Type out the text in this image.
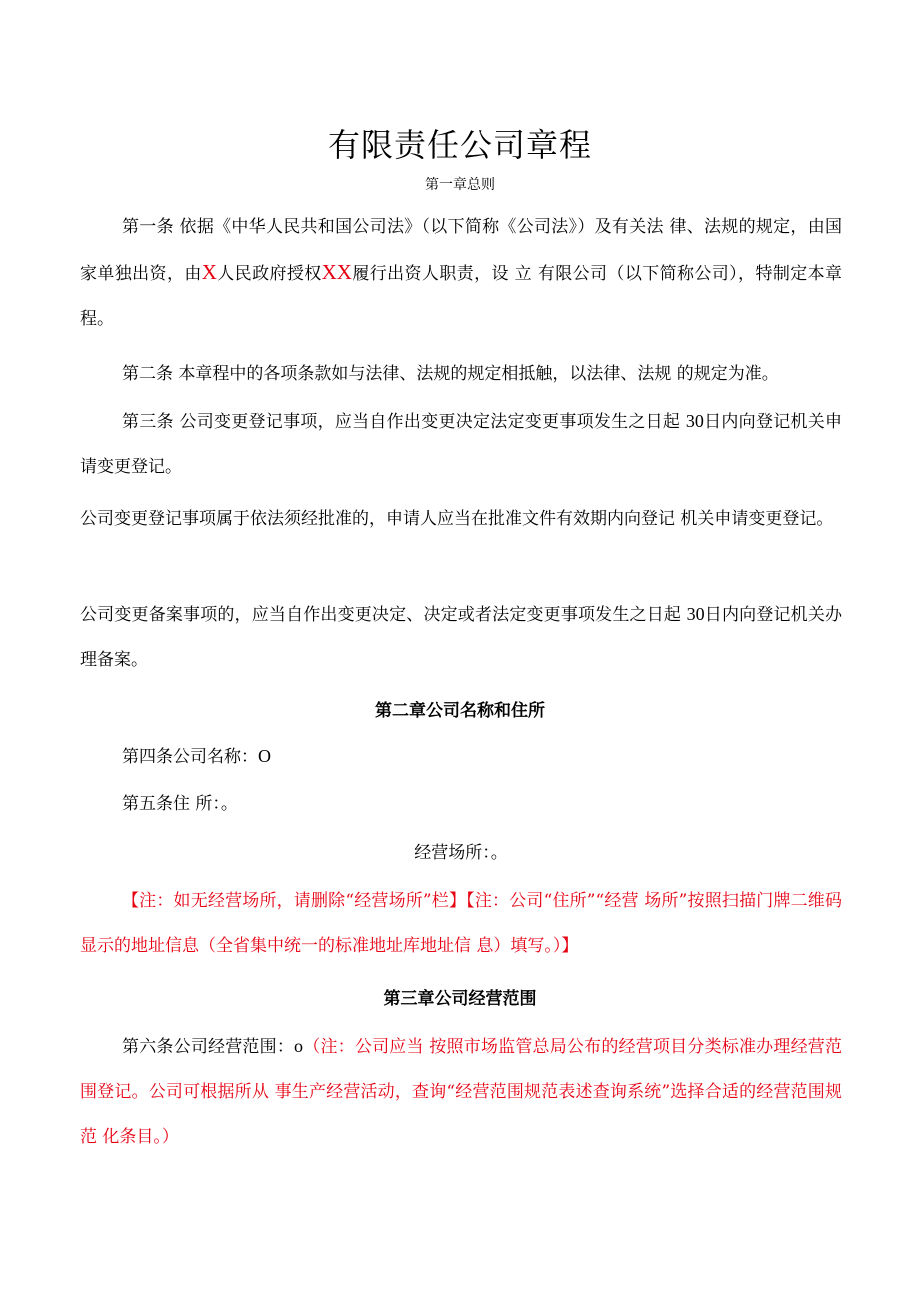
有限责任公司章程
第一章总则

第一条 依据《中华人民共和国公司法》（以下简称《公司法》）及有关法 律、法规的规定，由国家单独出资，由X人民政府授权XX履行出资人职责，设 立 有限公司（以下简称公司），特制定本章程。

第二条 本章程中的各项条款如与法律、法规的规定相抵触，以法律、法规 的规定为准。

第三条 公司变更登记事项，应当自作出变更决定法定变更事项发生之日起 30日内向登记机关申请变更登记。

公司变更登记事项属于依法须经批准的，申请人应当在批准文件有效期内向登记 机关申请变更登记。

公司变更备案事项的，应当自作出变更决定、决定或者法定变更事项发生之日起 30日内向登记机关办理备案。

第二章公司名称和住所

第四条公司名称：O

第五条住 所：。

经营场所：。

【注：如无经营场所，请删除“经营场所”栏】【注：公司“住所”“经营 场所”按照扫描门牌二维码显示的地址信息（全省集中统一的标准地址库地址信 息）填写。）】

第三章公司经营范围

第六条公司经营范围：o（注：公司应当 按照市场监管总局公布的经营项目分类标准办理经营范围登记。公司可根据所从 事生产经营活动，查询“经营范围规范表述查询系统”选择合适的经营范围规范 化条目。）
